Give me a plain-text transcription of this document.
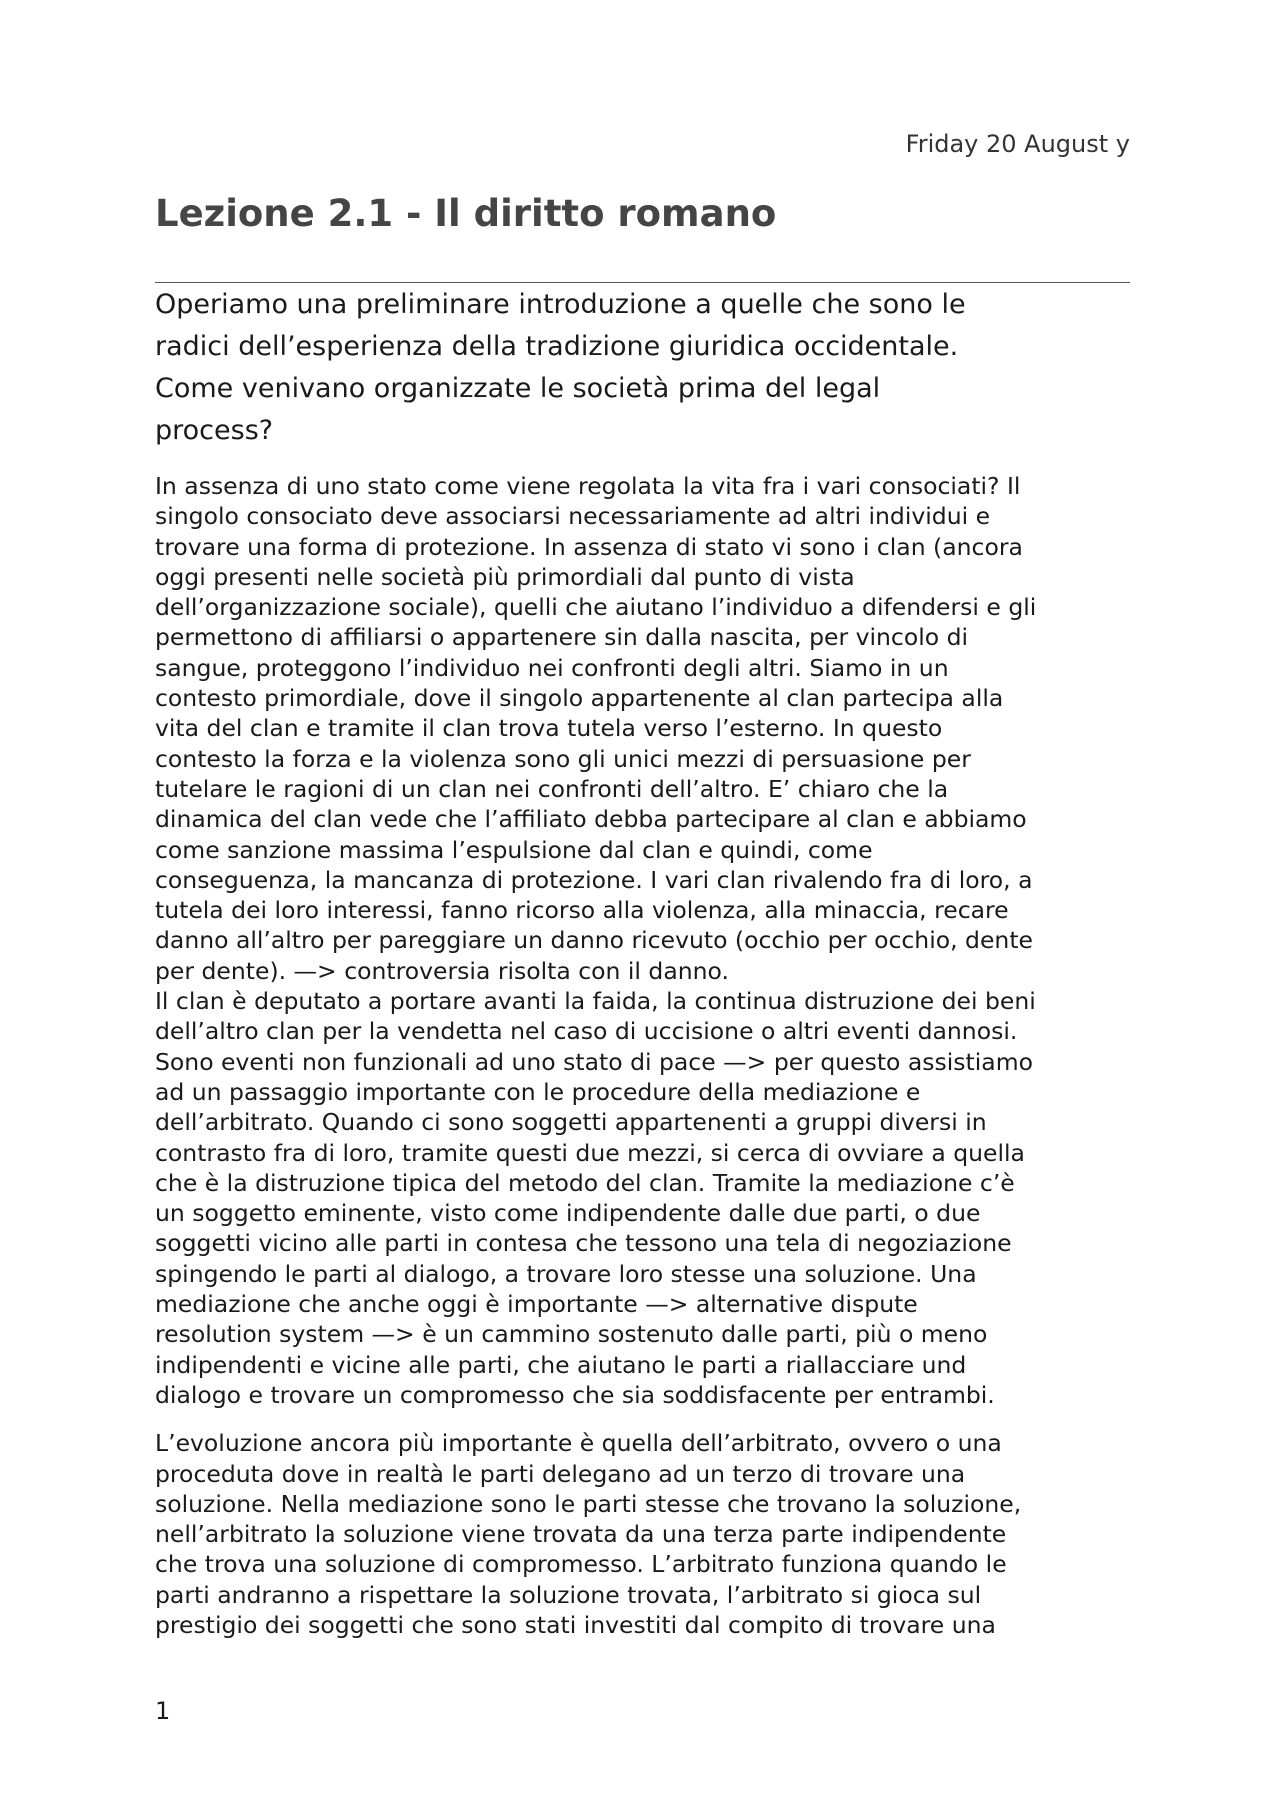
Friday 20 August y
Lezione 2.1 - Il diritto romano
Operiamo una preliminare introduzione a quelle che sono le
radici dell’esperienza della tradizione giuridica occidentale.
Come venivano organizzate le società prima del legal
process?
In assenza di uno stato come viene regolata la vita fra i vari consociati? Il
singolo consociato deve associarsi necessariamente ad altri individui e
trovare una forma di protezione. In assenza di stato vi sono i clan (ancora
oggi presenti nelle società più primordiali dal punto di vista
dell’organizzazione sociale), quelli che aiutano l’individuo a difendersi e gli
permettono di affiliarsi o appartenere sin dalla nascita, per vincolo di
sangue, proteggono l’individuo nei confronti degli altri. Siamo in un
contesto primordiale, dove il singolo appartenente al clan partecipa alla
vita del clan e tramite il clan trova tutela verso l’esterno. In questo
contesto la forza e la violenza sono gli unici mezzi di persuasione per
tutelare le ragioni di un clan nei confronti dell’altro. E’ chiaro che la
dinamica del clan vede che l’affiliato debba partecipare al clan e abbiamo
come sanzione massima l’espulsione dal clan e quindi, come
conseguenza, la mancanza di protezione. I vari clan rivalendo fra di loro, a
tutela dei loro interessi, fanno ricorso alla violenza, alla minaccia, recare
danno all’altro per pareggiare un danno ricevuto (occhio per occhio, dente
per dente). —> controversia risolta con il danno.
Il clan è deputato a portare avanti la faida, la continua distruzione dei beni
dell’altro clan per la vendetta nel caso di uccisione o altri eventi dannosi.
Sono eventi non funzionali ad uno stato di pace —> per questo assistiamo
ad un passaggio importante con le procedure della mediazione e
dell’arbitrato. Quando ci sono soggetti appartenenti a gruppi diversi in
contrasto fra di loro, tramite questi due mezzi, si cerca di ovviare a quella
che è la distruzione tipica del metodo del clan. Tramite la mediazione c’è
un soggetto eminente, visto come indipendente dalle due parti, o due
soggetti vicino alle parti in contesa che tessono una tela di negoziazione
spingendo le parti al dialogo, a trovare loro stesse una soluzione. Una
mediazione che anche oggi è importante —> alternative dispute
resolution system —> è un cammino sostenuto dalle parti, più o meno
indipendenti e vicine alle parti, che aiutano le parti a riallacciare und
dialogo e trovare un compromesso che sia soddisfacente per entrambi.
L’evoluzione ancora più importante è quella dell’arbitrato, ovvero o una
proceduta dove in realtà le parti delegano ad un terzo di trovare una
soluzione. Nella mediazione sono le parti stesse che trovano la soluzione,
nell’arbitrato la soluzione viene trovata da una terza parte indipendente
che trova una soluzione di compromesso. L’arbitrato funziona quando le
parti andranno a rispettare la soluzione trovata, l’arbitrato si gioca sul
prestigio dei soggetti che sono stati investiti dal compito di trovare una
1
